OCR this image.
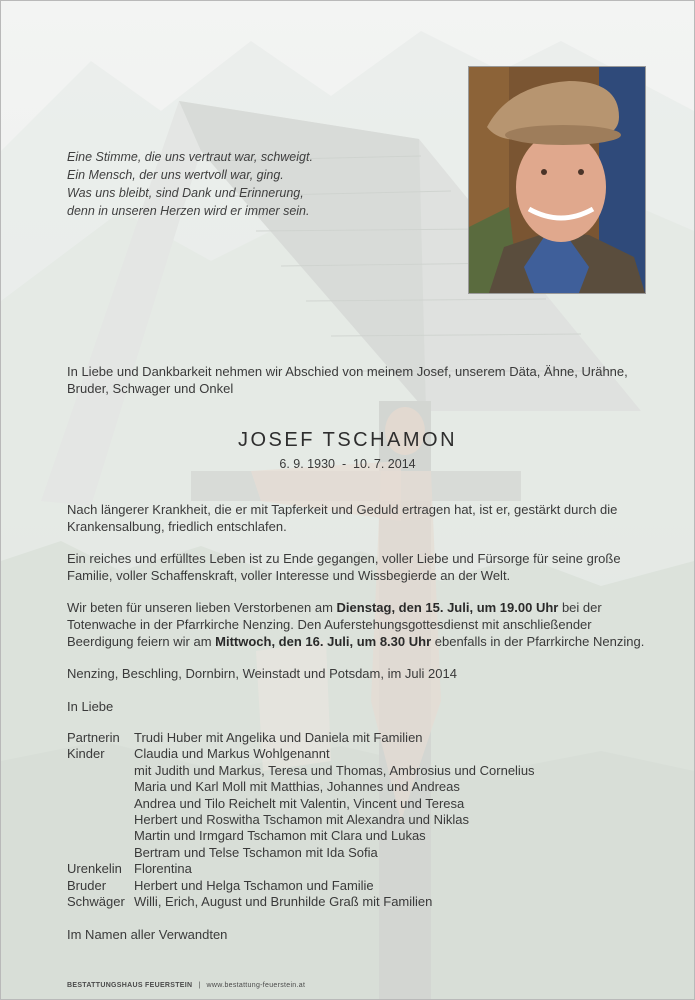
Eine Stimme, die uns vertraut war, schweigt.
Ein Mensch, der uns wertvoll war, ging.
Was uns bleibt, sind Dank und Erinnerung,
denn in unseren Herzen wird er immer sein.
In Liebe und Dankbarkeit nehmen wir Abschied von meinem Josef, unserem Däta, Ähne, Urähne, Bruder, Schwager und Onkel
JOSEF TSCHAMON
6. 9. 1930  -  10. 7. 2014
Nach längerer Krankheit, die er mit Tapferkeit und Geduld ertragen hat, ist er, gestärkt durch die Krankensalbung, friedlich entschlafen.
Ein reiches und erfülltes Leben ist zu Ende gegangen, voller Liebe und Fürsorge für seine große Familie, voller Schaffenskraft, voller Interesse und Wissbegierde an der Welt.
Wir beten für unseren lieben Verstorbenen am Dienstag, den 15. Juli, um 19.00 Uhr bei der Totenwache in der Pfarrkirche Nenzing. Den Auferstehungsgottesdienst mit anschließender Beerdigung feiern wir am Mittwoch, den 16. Juli, um 8.30 Uhr ebenfalls in der Pfarrkirche Nenzing.
Nenzing, Beschling, Dornbirn, Weinstadt und Potsdam, im Juli 2014
In Liebe
Partnerin	Trudi Huber mit Angelika und Daniela mit Familien
Kinder	Claudia und Markus Wohlgenannt
mit Judith und Markus, Teresa und Thomas, Ambrosius und Cornelius
Maria und Karl Moll mit Matthias, Johannes und Andreas
Andrea und Tilo Reichelt mit Valentin, Vincent und Teresa
Herbert und Roswitha Tschamon mit Alexandra und Niklas
Martin und Irmgard Tschamon mit Clara und Lukas
Bertram und Telse Tschamon mit Ida Sofia
Urenkelin Florentina
Bruder	Herbert und Helga Tschamon und Familie
Schwäger Willi, Erich, August und Brunhilde Graß mit Familien
Im Namen aller Verwandten
BESTATTUNGSHAUS FEUERSTEIN | www.bestattung-feuerstein.at
